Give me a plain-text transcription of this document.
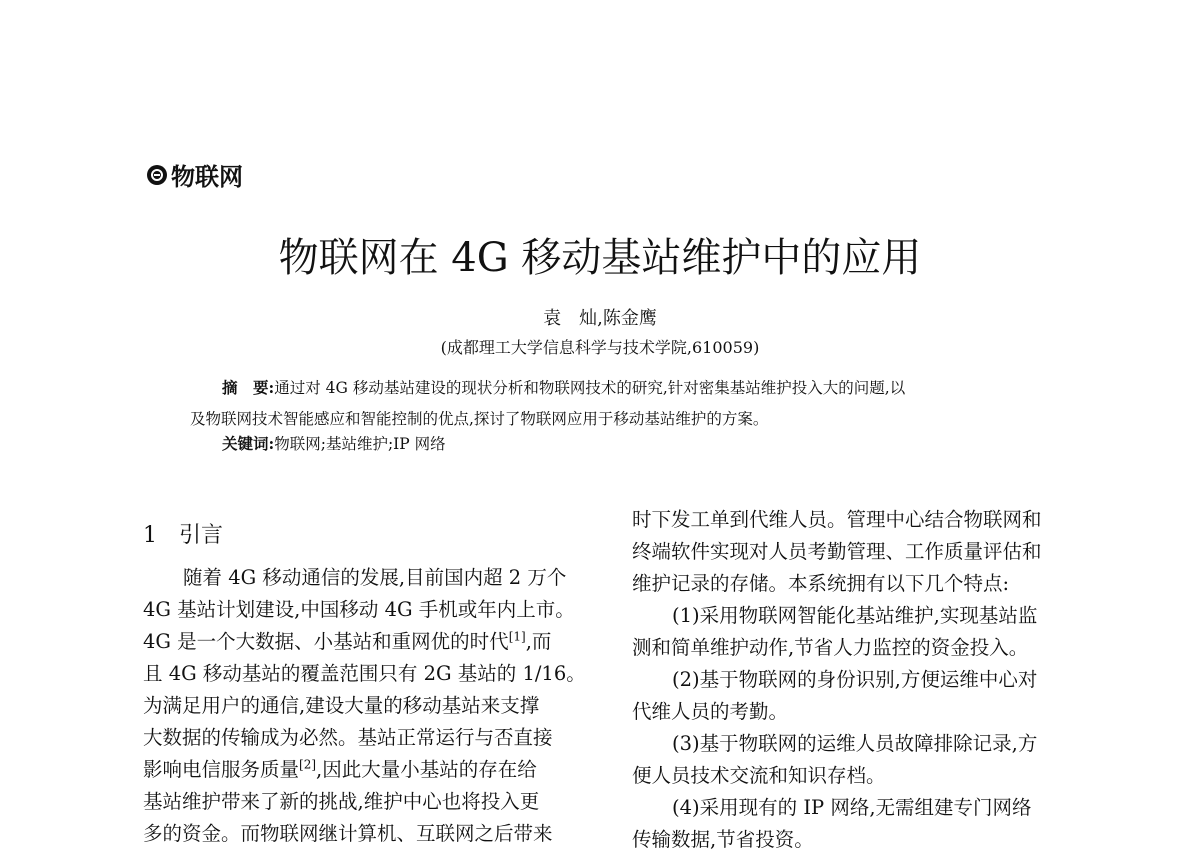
物联网
物联网在 4G 移动基站维护中的应用
袁　灿,陈金鹰
(成都理工大学信息科学与技术学院,610059)
摘　要:通过对 4G 移动基站建设的现状分析和物联网技术的研究,针对密集基站维护投入大的问题,以
及物联网技术智能感应和智能控制的优点,探讨了物联网应用于移动基站维护的方案。
关键词:物联网;基站维护;IP 网络
1　引言
随着 4G 移动通信的发展,目前国内超 2 万个
4G 基站计划建设,中国移动 4G 手机或年内上市。
4G 是一个大数据、小基站和重网优的时代[1],而
且 4G 移动基站的覆盖范围只有 2G 基站的 1/16。
为满足用户的通信,建设大量的移动基站来支撑
大数据的传输成为必然。基站正常运行与否直接
影响电信服务质量[2],因此大量小基站的存在给
基站维护带来了新的挑战,维护中心也将投入更
多的资金。而物联网继计算机、互联网之后带来
时下发工单到代维人员。管理中心结合物联网和
终端软件实现对人员考勤管理、工作质量评估和
维护记录的存储。本系统拥有以下几个特点:
(1)采用物联网智能化基站维护,实现基站监
测和简单维护动作,节省人力监控的资金投入。
(2)基于物联网的身份识别,方便运维中心对
代维人员的考勤。
(3)基于物联网的运维人员故障排除记录,方
便人员技术交流和知识存档。
(4)采用现有的 IP 网络,无需组建专门网络
传输数据,节省投资。
